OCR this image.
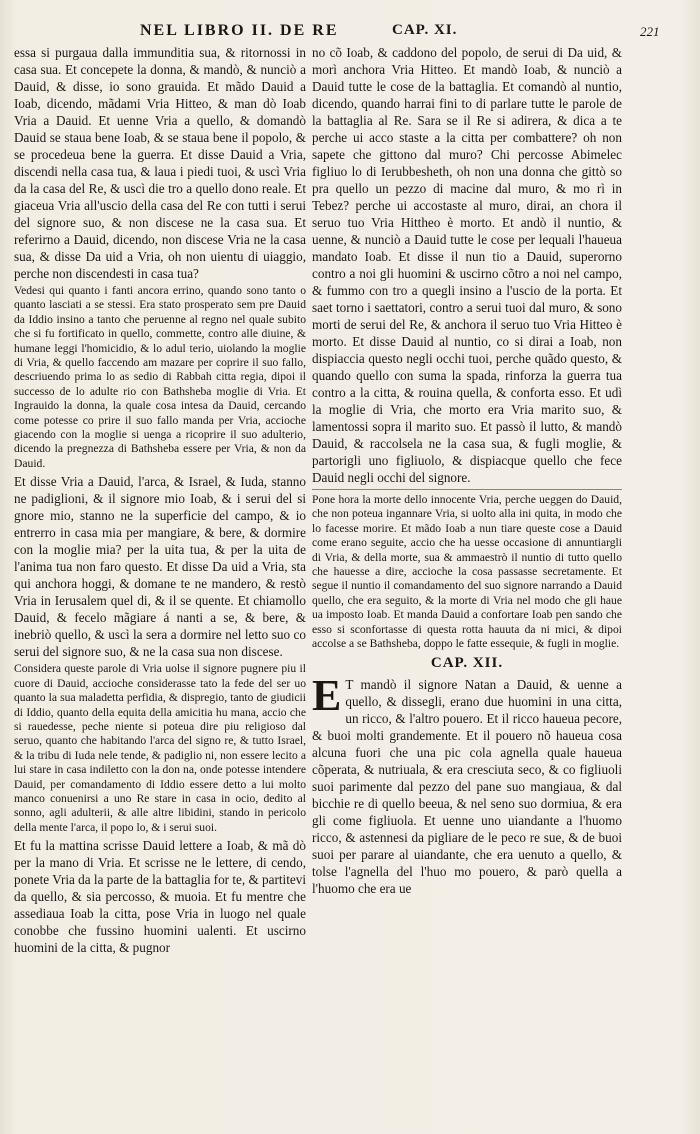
NEL LIBRO II. DE RE	CAP. XI.	221

essa si purgaua dalla immunditia sua, & ritornossi in casa sua. Et concepete la donna, & mandò, & nunciò a Dauid, & disse, io sono grauida. Et mãdo Dauid a Ioab, dicendo, mãdami Vria Hitteo, & man dò Ioab Vria a Dauid. Et uenne Vria a quello, & domandò Dauid se staua bene Ioab, & se staua bene il popolo, & se procedeua bene la guerra. Et disse Dauid a Vria, discendi nella casa tua, & laua i piedi tuoi, & uscì Vria da la casa del Re, & uscì die tro a quello dono reale. Et giaceua Vria all'uscio della casa del Re con tutti i serui del signore suo, & non discese ne la casa sua. Et referirno a Dauid, dicendo, non discese Vria ne la casa sua, & disse Da uid a Vria, oh non uientu di uiaggio, perche non discendesti in casa tua?

Vedesi qui quanto i fanti ancora errino, quando sono tanto o quanto lasciati a se stessi. Era stato prosperato sem pre Dauid da Iddio insino a tanto che peruenne al regno nel quale subito che si fu fortificato in quello, commette, contro alle diuine, & humane leggi l'homicidio, & lo adul terio, uiolando la moglie di Vria, & quello faccendo am mazare per coprire il suo fallo, descriuendo prima lo as sedio di Rabbah citta regia, dipoi il successo de lo adulte rio con Bathsheba moglie di Vria. Et Ingrauido la donna, la quale cosa intesa da Dauid, cercando come potesse co prire il suo fallo manda per Vria, accioche giacendo con la moglie si uenga a ricoprire il suo adulterio, dicendo la pregnezza di Bathsheba essere per Vria, & non da Dauid.

Et disse Vria a Dauid, l'arca, & Israel, & Iuda, stanno ne padiglioni, & il signore mio Ioab, & i serui del si gnore mio, stanno ne la superficie del campo, & io entrerro in casa mia per mangiare, & bere, & dormire con la moglie mia? per la uita tua, & per la uita de l'anima tua non faro questo. Et disse Da uid a Vria, sta qui anchora hoggi, & domane te ne mandero, & restò Vria in Ierusalem quel di, & il se quente. Et chiamollo Dauid, & fecelo mãgiare á nanti a se, & bere, & inebriò quello, & uscì la sera a dormire nel letto suo co serui del signore suo, & ne la casa sua non discese.

Considera queste parole di Vria uolse il signore pugnere piu il cuore di Dauid, accioche considerasse tato la fede del ser uo quanto la sua maladetta perfidia, & dispregio, tanto de giudicii di Iddio, quanto della equita della amicitia hu mana, accio che si rauedesse, peche niente si poteua dire piu religioso dal seruo, quanto che habitando l'arca del signo re, & tutto Israel, & la tribu di Iuda nele tende, & padiglio ni, non essere lecito a lui stare in casa indiletto con la don na, onde potesse intendere Dauid, per comandamento di Iddio essere detto a lui molto manco conuenirsi a uno Re stare in casa in ocio, dedito al sonno, agli adulterii, & alle altre libidini, stando in pericolo della mente l'arca, il popo lo, & i serui suoi.

Et fu la mattina scrisse Dauid lettere a Ioab, & mã dò per la mano di Vria. Et scrisse ne le lettere, di cendo, ponete Vria da la parte de la battaglia for te, & partitevi da quello, & sia percosso, & muoia. Et fu mentre che assediaua Ioab la citta, pose Vria in luogo nel quale conobbe che fussino huomini ualenti. Et uscirno huomini de la citta, & pugnor

no cõ Ioab, & caddono del popolo, de serui di Da uid, & morì anchora Vria Hitteo. Et mandò Ioab, & nunciò a Dauid tutte le cose de la battaglia. Et comandò al nuntio, dicendo, quando harrai fini to di parlare tutte le parole de la battaglia al Re. Sara se il Re si adirera, & dica a te perche ui acco staste a la citta per combattere? oh non sapete che gittono dal muro? Chi percosse Abimelec figliuo lo di Ierubbesheth, oh non una donna che gittò so pra quello un pezzo di macine dal muro, & mo rì in Tebez? perche ui accostaste al muro, dirai, an chora il seruo tuo Vria Hittheo è morto. Et andò il nuntio, & uenne, & nunciò a Dauid tutte le cose per lequali l'haueua mandato Ioab. Et disse il nun tio a Dauid, superorno contro a noi gli huomini & uscirno cõtro a noi nel campo, & fummo con tro a quegli insino a l'uscio de la porta. Et saet torno i saettatori, contro a serui tuoi dal muro, & sono morti de serui del Re, & anchora il seruo tuo Vria Hitteo è morto. Et disse Dauid al nuntio, co si dirai a Ioab, non dispiaccia questo negli occhi tuoi, perche quãdo questo, & quando quello con suma la spada, rinforza la guerra tua contro a la citta, & rouina quella, & conforta esso. Et udì la moglie di Vria, che morto era Vria marito suo, & lamentossi sopra il marito suo. Et passò il lutto, & mandò Dauid, & raccolsela ne la casa sua, & fugli moglie, & partorigli uno figliuolo, & dispiacque quello che fece Dauid negli occhi del signore.

Pone hora la morte dello innocente Vria, perche ueggen do Dauid, che non poteua ingannare Vria, si uolto alla ini quita, in modo che lo facesse morire. Et mãdo Ioab a nun tiare queste cose a Dauid come erano seguite, accio che ha uesse occasione di annuntiargli di Vria, & della morte, sua & ammaestrò il nuntio di tutto quello che hauesse a dire, accioche la cosa passasse secretamente. Et segue il nuntio il comandamento del suo signore narrando a Dauid quello, che era seguito, & la morte di Vria nel modo che gli haue ua imposto Ioab. Et manda Dauid a confortare Ioab pen sando che esso si sconfortasse di questa rotta hauuta da ni mici, & dipoi accolse a se Bathsheba, doppo le fatte essequie, & fugli in moglie.

CAP. XII.
E T mandò il signore Natan a Dauid, & uenne a quello, & dissegli, erano due huomini in una citta, un ricco, & l'altro pouero. Et il ricco haueua pecore, & buoi molti grandemente. Et il pouero nõ haueua cosa alcuna fuori che una pic cola agnella quale haueua cõperata, & nutriuala, & era cresciuta seco, & co figliuoli suoi parimente dal pezzo del pane suo mangiaua, & dal bicchie re di quello beeua, & nel seno suo dormiua, & era gli come figliuola. Et uenne uno uiandante a l'huomo ricco, & astennesi da pigliare de le peco re sue, & de buoi suoi per parare al uiandante, che era uenuto a quello, & tolse l'agnella del l'huo mo pouero, & parò quella a l'huomo che era ue
